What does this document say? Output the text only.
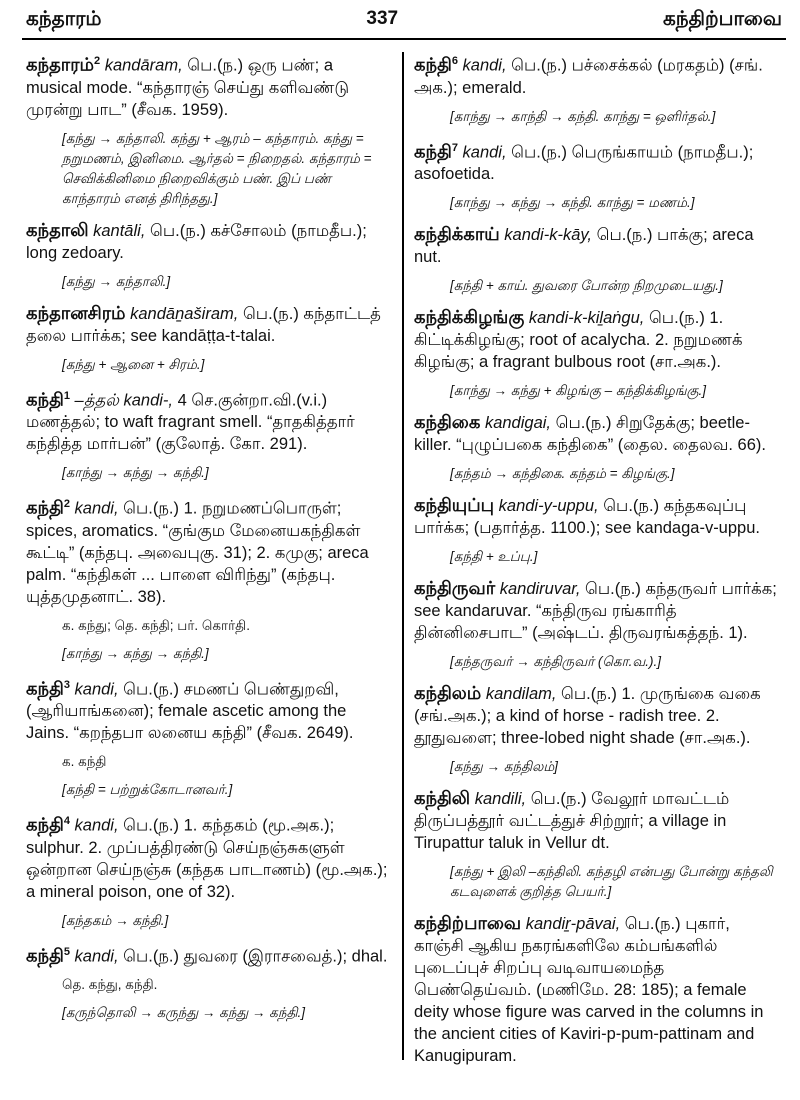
கந்தாரம்	337	கந்திற்பாவை
கந்தாரம்$^2$ kandāram, பெ.(ந.) ஒரு பண்; a musical mode. “கந்தாரஞ் செய்து களிவண்டு முரன்று பாட” (சீவக. 1959).
[கந்து → கந்தாலி. கந்து + ஆரம் – கந்தாரம். கந்து = நறுமணம், இனிமை. ஆர்தல் = நிறைதல். கந்தாரம் = செவிக்கினிமை நிறைவிக்கும் பண். இப் பண் காந்தாரம் எனத் திரிந்தது.]
கந்தாலி kantāli, பெ.(ந.) கச்சோலம் (நாமதீப.); long zedoary.
[கந்து → கந்தாலி.]
கந்தானசிரம் kandāṉaširam, பெ.(ந.) கந்தாட்டத் தலை பார்க்க; see kandāṭṭa-t-talai.
[கந்து + ஆனை + சிரம்.]
கந்தி$^1$ –த்தல் kandi-, 4 செ.குன்றா.வி.(v.i.) மணத்தல்; to waft fragrant smell. “தாதகித்தார் கந்தித்த மார்பன்” (குலோத். கோ. 291).
[காந்து → கந்து → கந்தி.]
கந்தி$^2$ kandi, பெ.(ந.) 1. நறுமணப்பொருள்; spices, aromatics. “குங்கும மேனையகந்திகள் கூட்டி” (கந்தபு. அவைபுகு. 31); 2. கமுகு; areca palm. “கந்திகள் ... பாளை விரிந்து” (கந்தபு. யுத்தமுதனாட். 38).
க. கந்து; தெ. கந்தி; பர். கொர்தி.
[காந்து → கந்து → கந்தி.]
கந்தி$^3$ kandi, பெ.(ந.) சமணப் பெண்துறவி, (ஆரியாங்கனை); female ascetic among the Jains. “கறந்தபா லனைய கந்தி” (சீவக. 2649).
க. கந்தி
[கந்தி = பற்றுக்கோடானவர்.]
கந்தி$^4$ kandi, பெ.(ந.) 1. கந்தகம் (மூ.அக.); sulphur. 2. முப்பத்திரண்டு செய்நஞ்சுகளுள் ஒன்றான செய்நஞ்சு (கந்தக பாடாணம்) (மூ.அக.); a mineral poison, one of 32).
[கந்தகம் → கந்தி.]
கந்தி$^5$ kandi, பெ.(ந.) துவரை (இராசவைத்.); dhal.
தெ. கந்து, கந்தி.
[கருந்தொலி → கருந்து → கந்து → கந்தி.]
கந்தி$^6$ kandi, பெ.(ந.) பச்சைக்கல் (மரகதம்) (சங். அக.); emerald.
[காந்து → காந்தி → கந்தி. காந்து = ஒளிர்தல்.]
கந்தி$^7$ kandi, பெ.(ந.) பெருங்காயம் (நாமதீப.); asofoetida.
[காந்து → கந்து → கந்தி. காந்து = மணம்.]
கந்திக்காய் kandi-k-kāy, பெ.(ந.) பாக்கு; areca nut.
[கந்தி + காய். துவரை போன்ற நிறமுடையது.]
கந்திக்கிழங்கு kandi-k-kiḻaṅgu, பெ.(ந.) 1. கிட்டிக்கிழங்கு; root of acalycha. 2. நறுமணக் கிழங்கு; a fragrant bulbous root (சா.அக.).
[காந்து → கந்து + கிழங்கு – கந்திக்கிழங்கு.]
கந்திகை kandigai, பெ.(ந.) சிறுதேக்கு; beetle-killer. “புழுப்பகை கந்திகை” (தைல. தைலவ. 66).
[கந்தம் → கந்திகை. கந்தம் = கிழங்கு.]
கந்தியுப்பு kandi-y-uppu, பெ.(ந.) கந்தகவுப்பு பார்க்க; (பதார்த்த. 1100.); see kandaga-v-uppu.
[கந்தி + உப்பு.]
கந்திருவர் kandiruvar, பெ.(ந.) கந்தருவர் பார்க்க; see kandaruvar. “கந்திருவ ரங்காரித் தின்னிசைபாட” (அஷ்டப். திருவரங்கத்தந். 1).
[கந்தருவர் → கந்திருவர் (கொ.வ.).]
கந்திலம் kandilam, பெ.(ந.) 1. முருங்கை வகை (சங்.அக.); a kind of horse - radish tree. 2. தூதுவளை; three-lobed night shade (சா.அக.).
[கந்து → கந்திலம்]
கந்திலி kandili, பெ.(ந.) வேலூர் மாவட்டம் திருப்பத்தூர் வட்டத்துச் சிற்றூர்; a village in Tirupattur taluk in Vellur dt.
[கந்து + இலி –கந்திலி. கந்தழி என்பது போன்று கந்தலி கடவுளைக் குறித்த பெயர்.]
கந்திற்பாவை kandiṟ-pāvai, பெ.(ந.) புகார், காஞ்சி ஆகிய நகரங்களிலே கம்பங்களில் புடைப்புச் சிறப்பு வடிவாயமைந்த பெண்தெய்வம். (மணிமே. 28: 185); a female deity whose figure was carved in the columns in the ancient cities of Kaviri-p-pum-pattinam and Kanugipuram.
